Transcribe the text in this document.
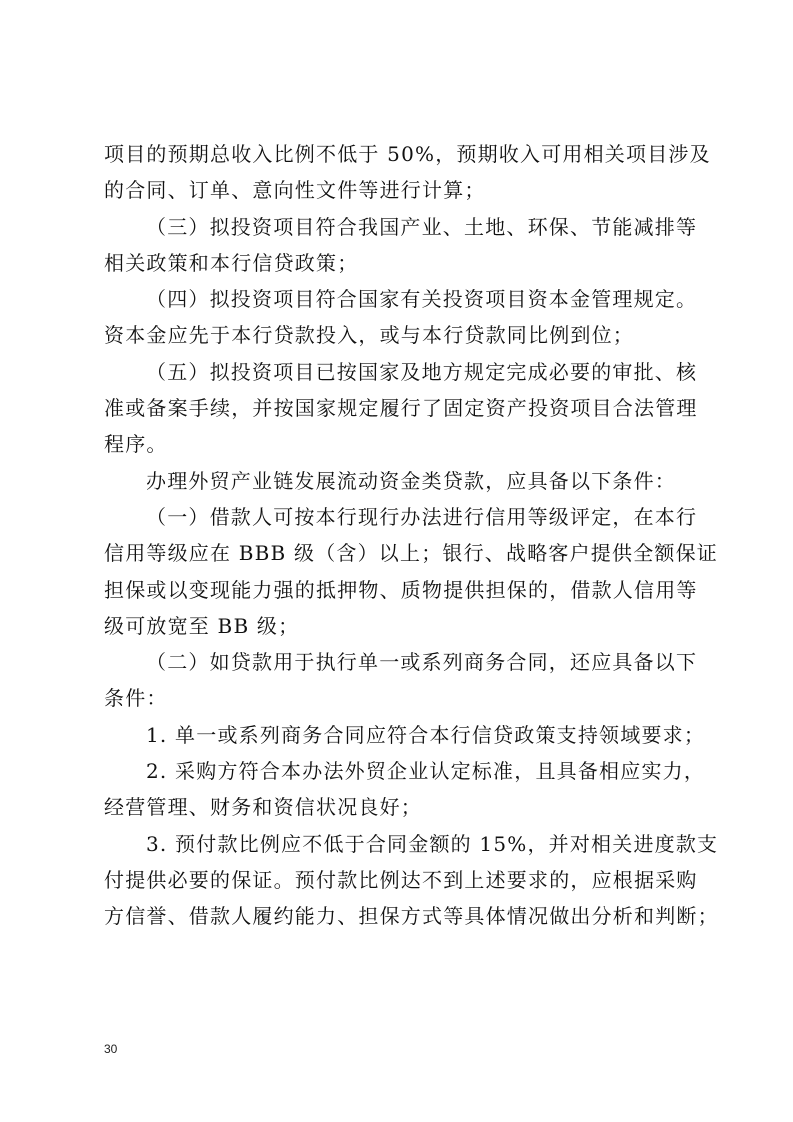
项目的预期总收入比例不低于 50%，预期收入可用相关项目涉及
的合同、订单、意向性文件等进行计算；
（三）拟投资项目符合我国产业、土地、环保、节能减排等
相关政策和本行信贷政策；
（四）拟投资项目符合国家有关投资项目资本金管理规定。
资本金应先于本行贷款投入，或与本行贷款同比例到位；
（五）拟投资项目已按国家及地方规定完成必要的审批、核
准或备案手续，并按国家规定履行了固定资产投资项目合法管理
程序。
办理外贸产业链发展流动资金类贷款，应具备以下条件：
（一）借款人可按本行现行办法进行信用等级评定，在本行
信用等级应在 BBB 级（含）以上；银行、战略客户提供全额保证
担保或以变现能力强的抵押物、质物提供担保的，借款人信用等
级可放宽至 BB 级；
（二）如贷款用于执行单一或系列商务合同，还应具备以下
条件：
1. 单一或系列商务合同应符合本行信贷政策支持领域要求；
2. 采购方符合本办法外贸企业认定标准，且具备相应实力，
经营管理、财务和资信状况良好；
3. 预付款比例应不低于合同金额的 15%，并对相关进度款支
付提供必要的保证。预付款比例达不到上述要求的，应根据采购
方信誉、借款人履约能力、担保方式等具体情况做出分析和判断；
30
